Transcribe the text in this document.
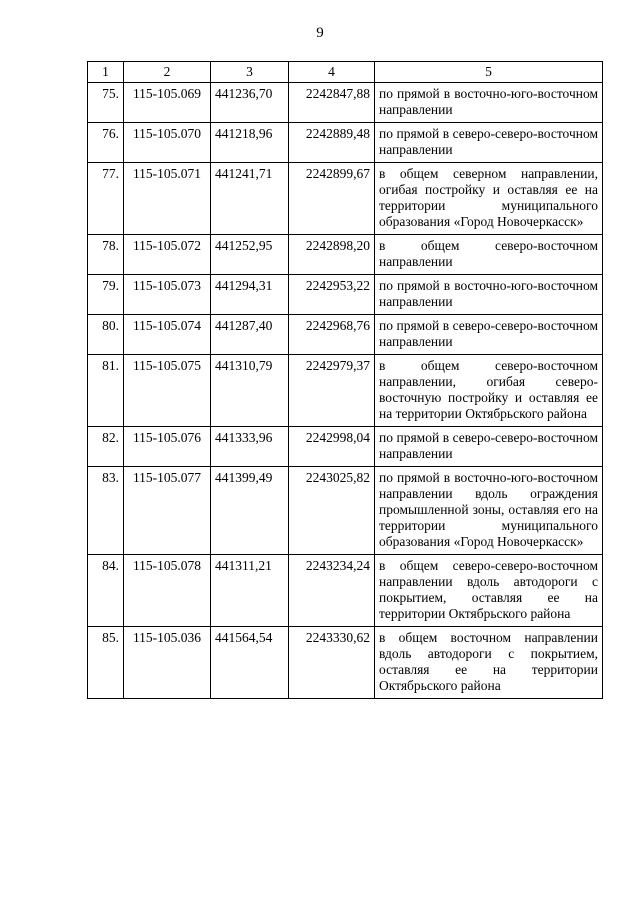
9
1	2	3	4	5
75.	115-105.069	441236,70	2242847,88	по прямой в восточно-юго-восточном направлении
76.	115-105.070	441218,96	2242889,48	по прямой в северо-северо-восточном направлении
77.	115-105.071	441241,71	2242899,67	в общем северном направлении, огибая постройку и оставляя ее на территории муниципального образования «Город Новочеркасск»
78.	115-105.072	441252,95	2242898,20	в общем северо-восточном направлении
79.	115-105.073	441294,31	2242953,22	по прямой в восточно-юго-восточном направлении
80.	115-105.074	441287,40	2242968,76	по прямой в северо-северо-восточном направлении
81.	115-105.075	441310,79	2242979,37	в общем северо-восточном направлении, огибая северо-восточную постройку и оставляя ее на территории Октябрьского района
82.	115-105.076	441333,96	2242998,04	по прямой в северо-северо-восточном направлении
83.	115-105.077	441399,49	2243025,82	по прямой в восточно-юго-восточном направлении вдоль ограждения промышленной зоны, оставляя его на территории муниципального образования «Город Новочеркасск»
84.	115-105.078	441311,21	2243234,24	в общем северо-северо-восточном направлении вдоль автодороги с покрытием, оставляя ее на территории Октябрьского района
85.	115-105.036	441564,54	2243330,62	в общем восточном направлении вдоль автодороги с покрытием, оставляя ее на территории Октябрьского района
